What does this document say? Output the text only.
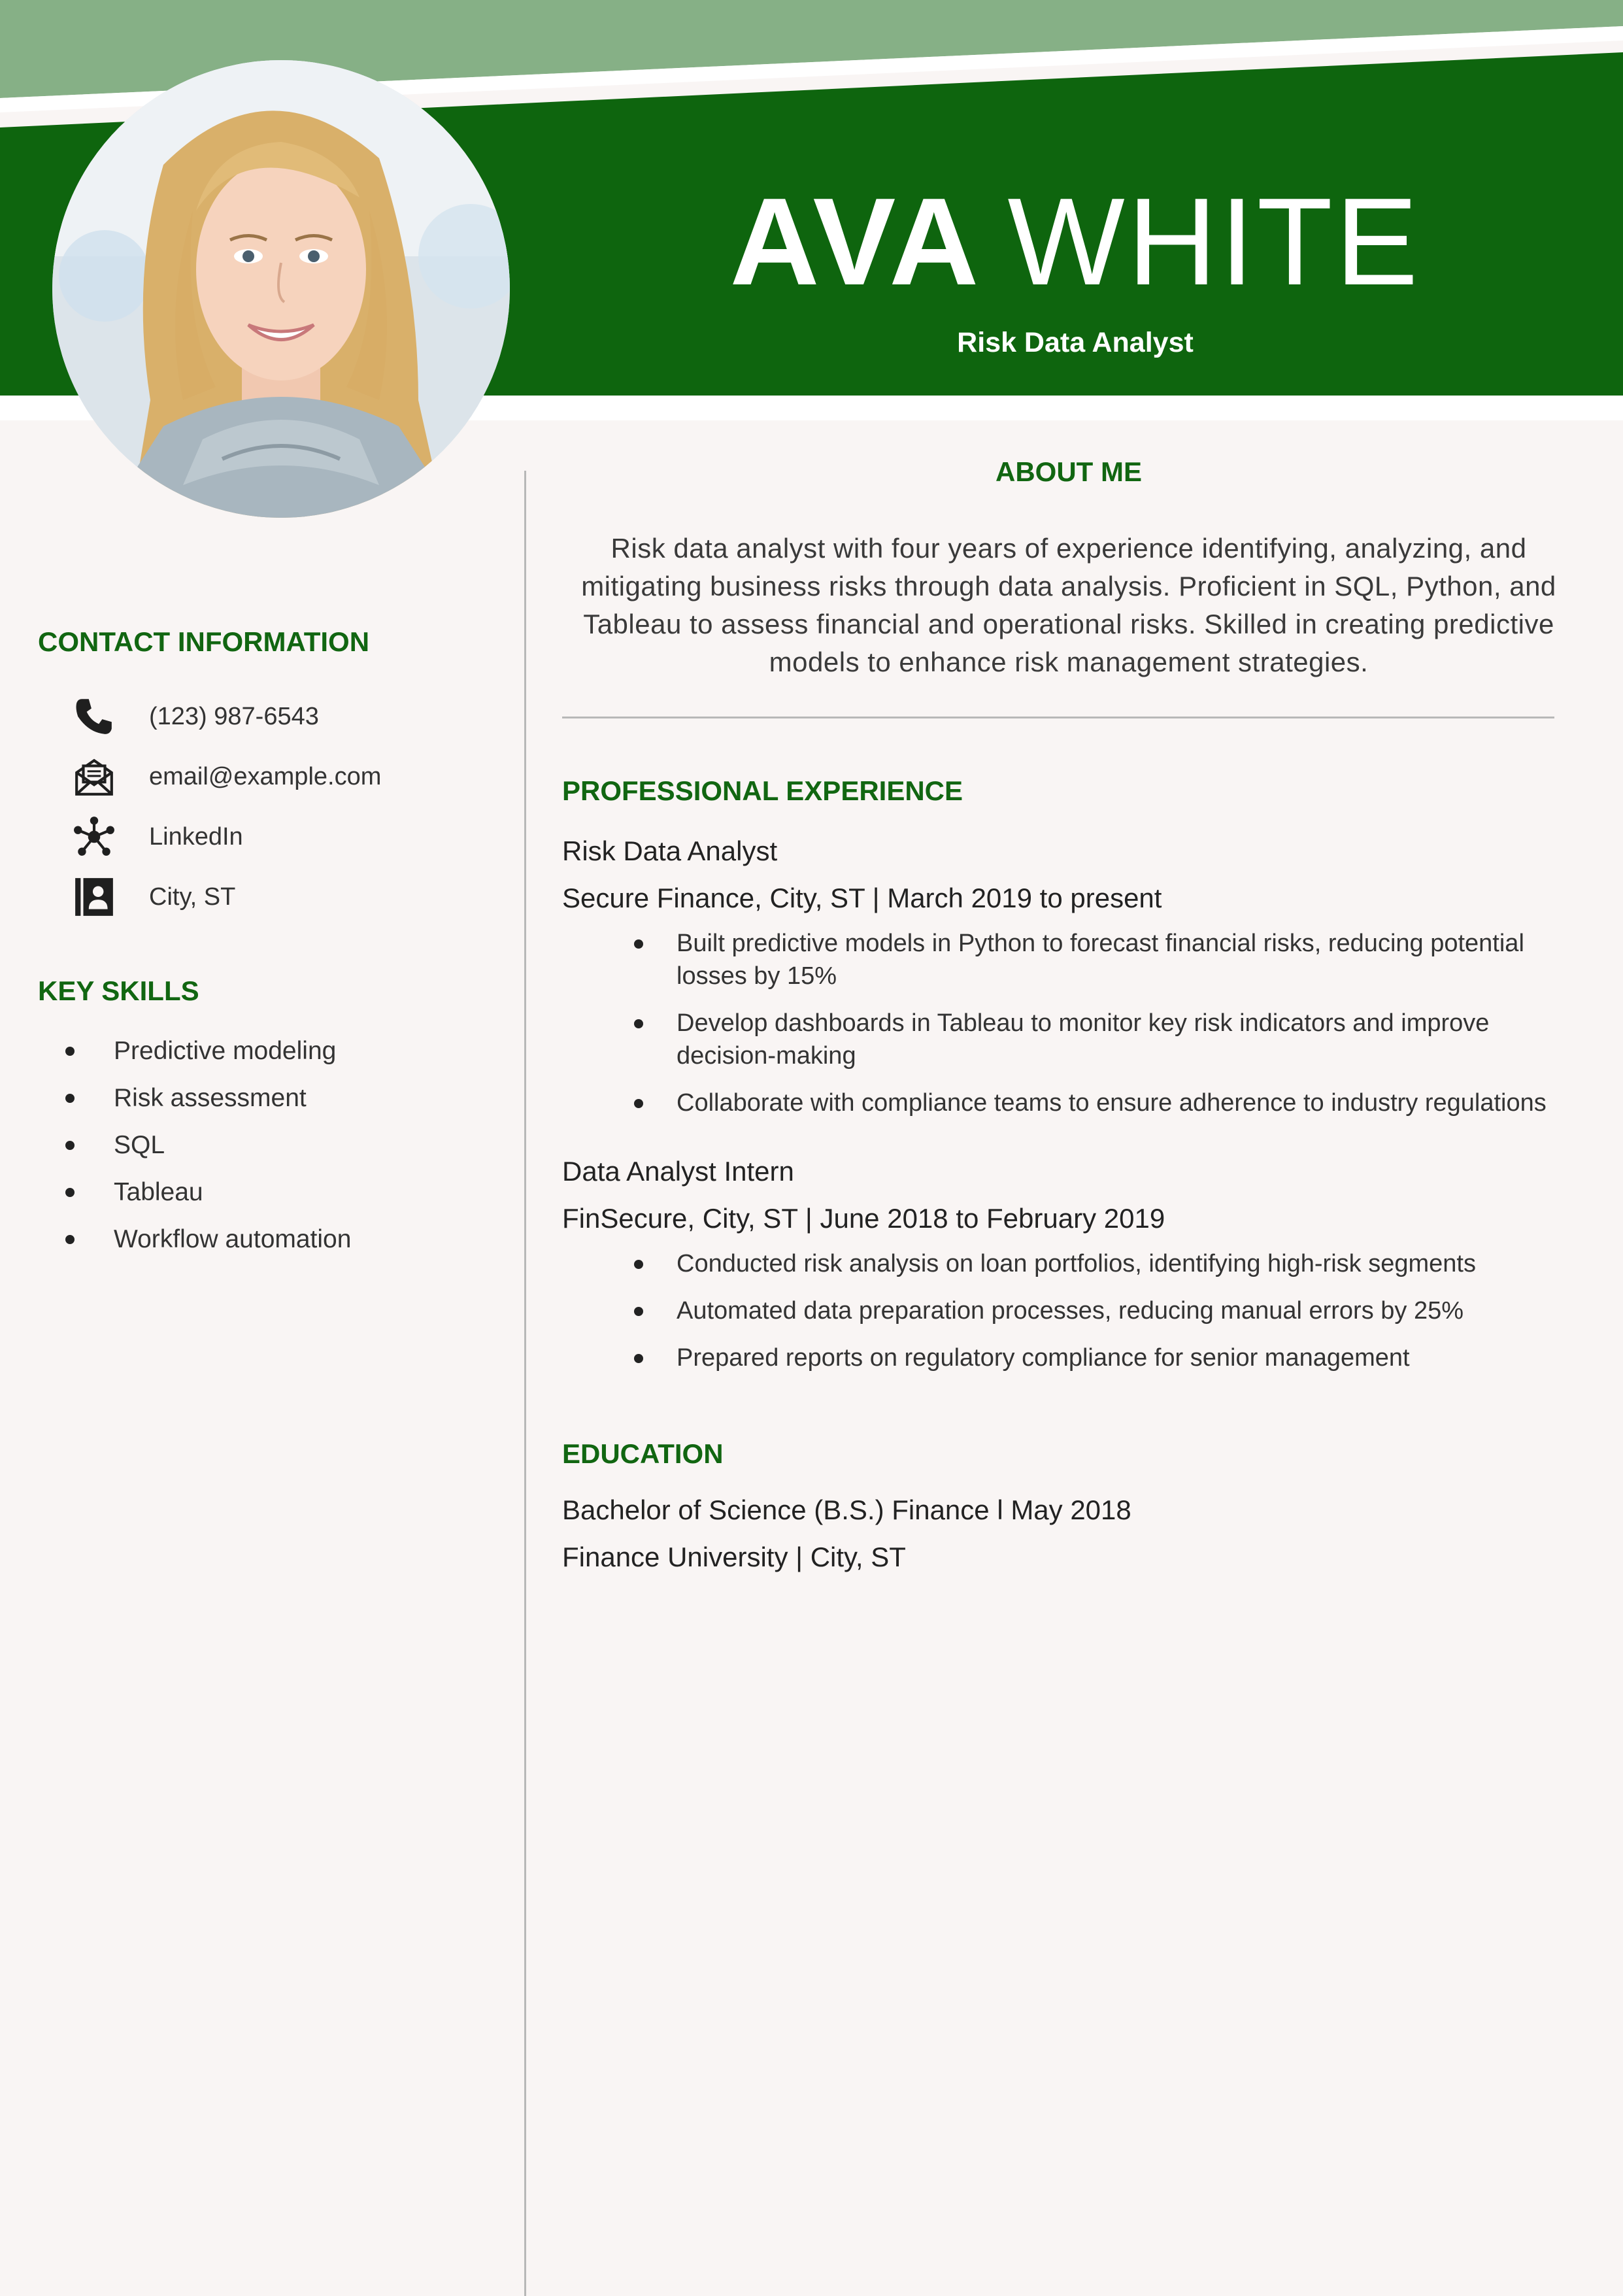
AVA WHITE
Risk Data Analyst
CONTACT INFORMATION
(123) 987-6543
email@example.com
LinkedIn
City, ST
KEY SKILLS
Predictive modeling
Risk assessment
SQL
Tableau
Workflow automation
ABOUT ME
Risk data analyst with four years of experience identifying, analyzing, and mitigating business risks through data analysis. Proficient in SQL, Python, and Tableau to assess financial and operational risks. Skilled in creating predictive models to enhance risk management strategies.
PROFESSIONAL EXPERIENCE
Risk Data Analyst
Secure Finance, City, ST | March 2019 to present
Built predictive models in Python to forecast financial risks, reducing potential losses by 15%
Develop dashboards in Tableau to monitor key risk indicators and improve decision-making
Collaborate with compliance teams to ensure adherence to industry regulations
Data Analyst Intern
FinSecure, City, ST | June 2018 to February 2019
Conducted risk analysis on loan portfolios, identifying high-risk segments
Automated data preparation processes, reducing manual errors by 25%
Prepared reports on regulatory compliance for senior management
EDUCATION
Bachelor of Science (B.S.) Finance l May 2018
Finance University | City, ST
